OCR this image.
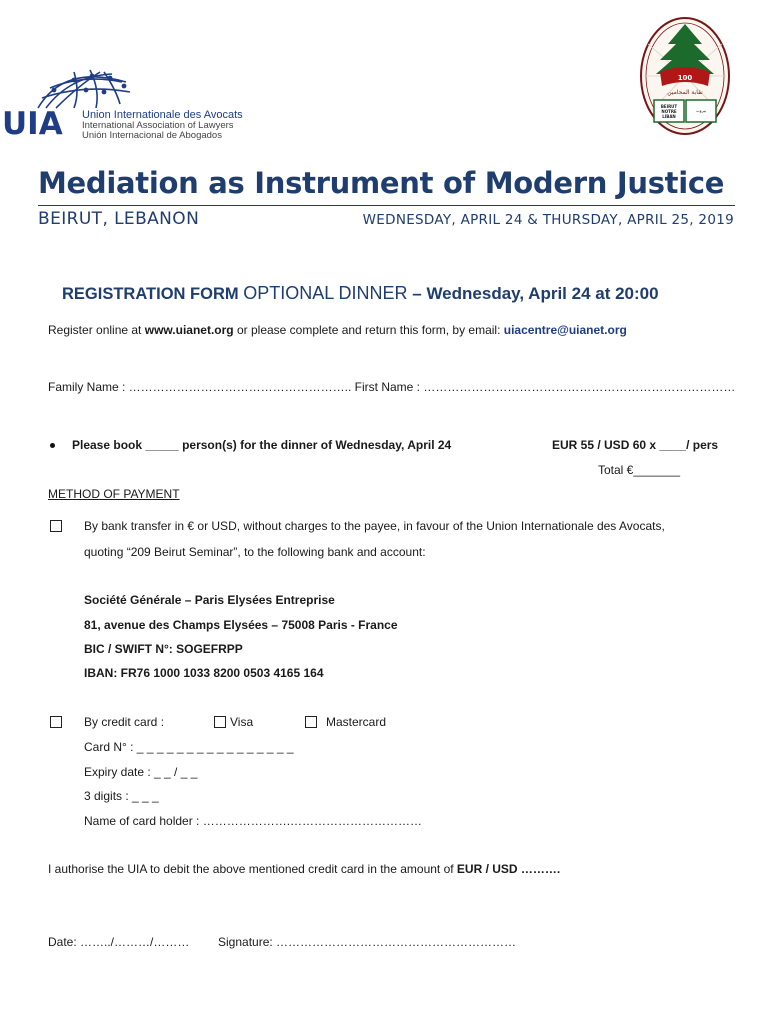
UIA Union Internationale des Avocats
International Association of Lawyers
Unión Internacional de Abogados
100
نقابة المحامين
BEIRUT
NOTRE
LIBAN
بيروت
Mediation as Instrument of Modern Justice
BEIRUT, LEBANON	WEDNESDAY, APRIL 24 & THURSDAY, APRIL 25, 2019
REGISTRATION FORM OPTIONAL DINNER – Wednesday, April 24 at 20:00
Register online at www.uianet.org or please complete and return this form, by email: uiacentre@uianet.org
Family Name : ……………………………………………….. First Name : ……………………………………………………………………
Please book _____ person(s) for the dinner of Wednesday, April 24	EUR 55 / USD 60 x ____/ pers
Total €_______
METHOD OF PAYMENT
By bank transfer in € or USD, without charges to the payee, in favour of the Union Internationale des Avocats,
quoting “209 Beirut Seminar”, to the following bank and account:
Société Générale – Paris Elysées Entreprise
81, avenue des Champs Elysées – 75008 Paris - France
BIC / SWIFT N°: SOGEFRPP
IBAN: FR76 1000 1033 8200 0503 4165 164
By credit card :	Visa	Mastercard
Card N° : _ _ _ _ _ _ _ _ _ _ _ _ _ _ _ _
Expiry date : _ _ / _ _
3 digits : _ _ _
Name of card holder : ………………….……………………………
I authorise the UIA to debit the above mentioned credit card in the amount of EUR / USD ……….
Date: ……../………/……… Signature: ……………………………………………………
